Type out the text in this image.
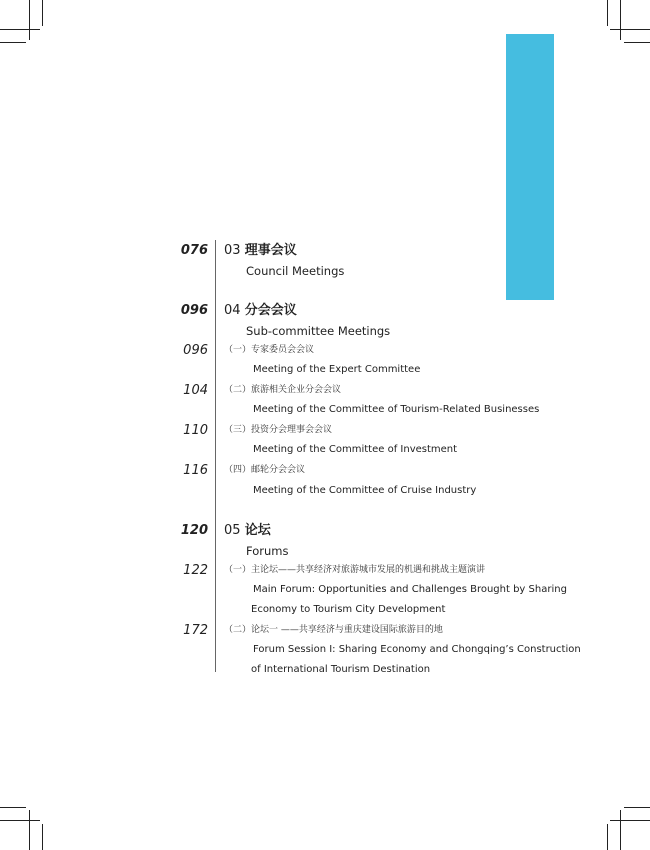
076 03 理事会议
Council Meetings
096 04 分会会议
Sub-committee Meetings
096 （一）专家委员会会议
Meeting of the Expert Committee
104 （二）旅游相关企业分会会议
Meeting of the Committee of Tourism-Related Businesses
110 （三）投资分会理事会会议
Meeting of the Committee of Investment
116 （四）邮轮分会会议
Meeting of the Committee of Cruise Industry
120 05 论坛
Forums
122 （一）主论坛——共享经济对旅游城市发展的机遇和挑战主题演讲
Main Forum: Opportunities and Challenges Brought by Sharing
Economy to Tourism City Development
172 （二）论坛一 ——共享经济与重庆建设国际旅游目的地
Forum Session I: Sharing Economy and Chongqing’s Construction
of International Tourism Destination
